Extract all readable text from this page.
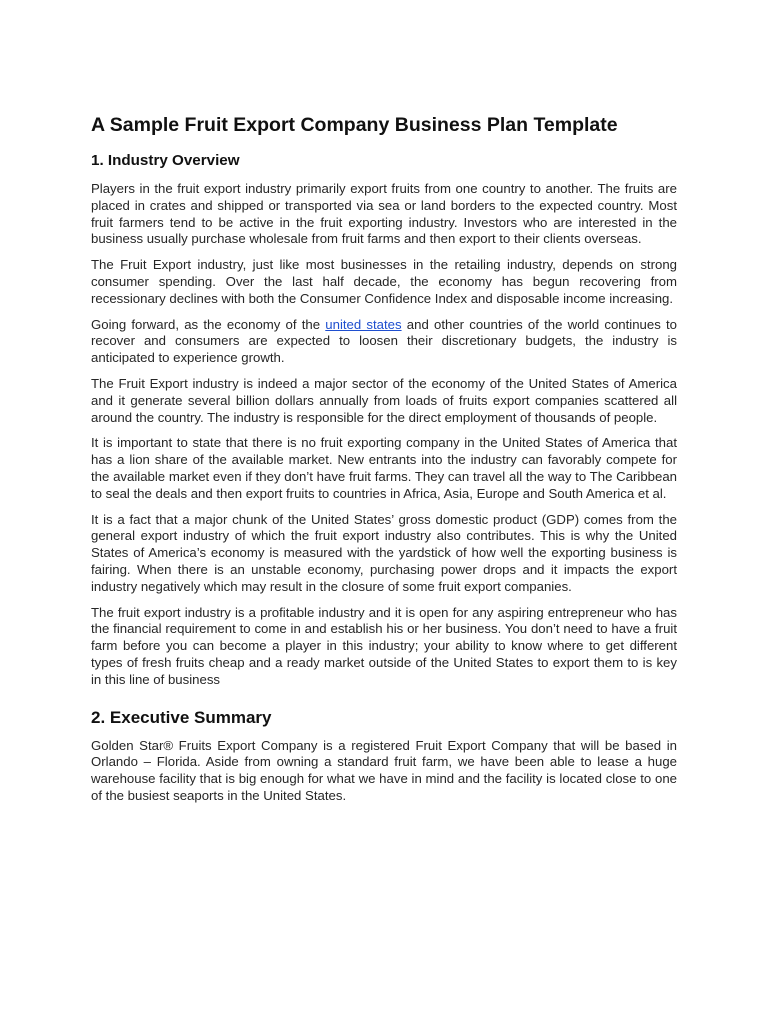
A Sample Fruit Export Company Business Plan Template
1. Industry Overview

Players in the fruit export industry primarily export fruits from one country to another. The fruits are placed in crates and shipped or transported via sea or land borders to the expected country. Most fruit farmers tend to be active in the fruit exporting industry. Investors who are interested in the business usually purchase wholesale from fruit farms and then export to their clients overseas.

The Fruit Export industry, just like most businesses in the retailing industry, depends on strong consumer spending. Over the last half decade, the economy has begun recovering from recessionary declines with both the Consumer Confidence Index and disposable income increasing.

Going forward, as the economy of the united states and other countries of the world continues to recover and consumers are expected to loosen their discretionary budgets, the industry is anticipated to experience growth.

The Fruit Export industry is indeed a major sector of the economy of the United States of America and it generate several billion dollars annually from loads of fruits export companies scattered all around the country. The industry is responsible for the direct employment of thousands of people.

It is important to state that there is no fruit exporting company in the United States of America that has a lion share of the available market. New entrants into the industry can favorably compete for the available market even if they don’t have fruit farms. They can travel all the way to The Caribbean to seal the deals and then export fruits to countries in Africa, Asia, Europe and South America et al.

It is a fact that a major chunk of the United States’ gross domestic product (GDP) comes from the general export industry of which the fruit export industry also contributes. This is why the United States of America’s economy is measured with the yardstick of how well the exporting business is fairing. When there is an unstable economy, purchasing power drops and it impacts the export industry negatively which may result in the closure of some fruit export companies.

The fruit export industry is a profitable industry and it is open for any aspiring entrepreneur who has the financial requirement to come in and establish his or her business. You don’t need to have a fruit farm before you can become a player in this industry; your ability to know where to get different types of fresh fruits cheap and a ready market outside of the United States to export them to is key in this line of business

2. Executive Summary

Golden Star® Fruits Export Company is a registered Fruit Export Company that will be based in Orlando – Florida. Aside from owning a standard fruit farm, we have been able to lease a huge warehouse facility that is big enough for what we have in mind and the facility is located close to one of the busiest seaports in the United States.
